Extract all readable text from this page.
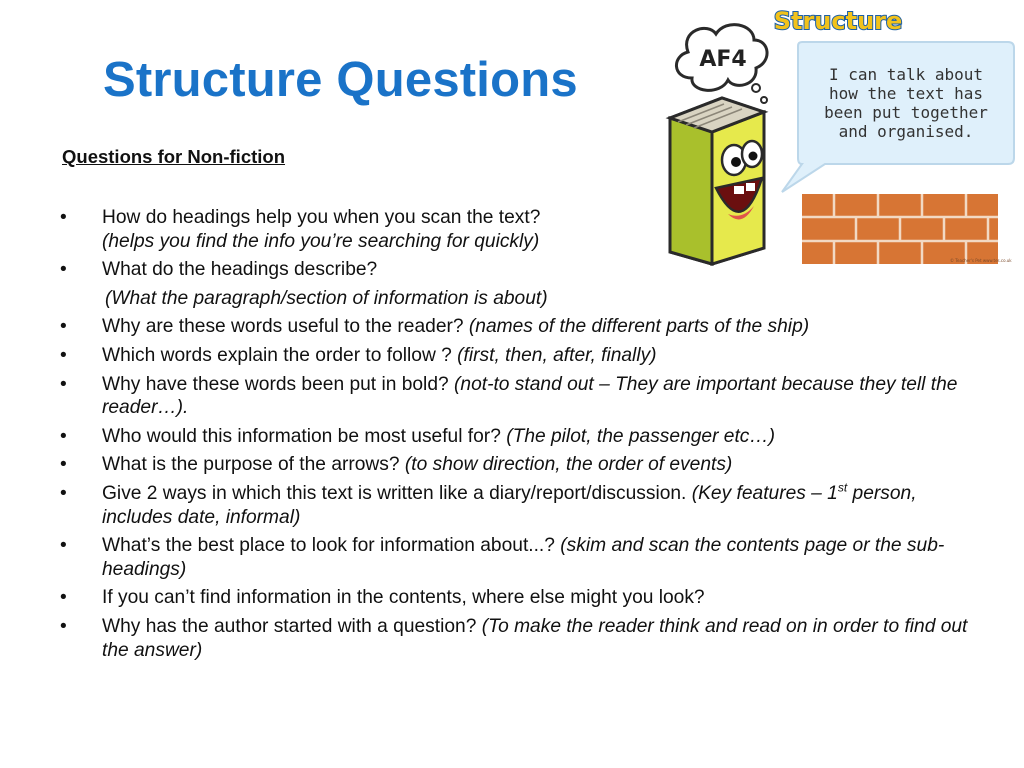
Structure Questions
Questions for Non-fiction
• How do headings help you when you scan the text?
(helps you find the info you’re searching for quickly)
• What do the headings describe?
(What the paragraph/section of information is about)
• Why are these words useful to the reader? (names of the different parts of the ship)
• Which words explain the order to follow ? (first, then, after, finally)
• Why have these words been put in bold? (not-to stand out – They are important because they tell the reader…).
• Who would this information be most useful for? (The pilot, the passenger etc…)
• What is the purpose of the arrows? (to show direction, the order of events)
• Give 2 ways in which this text is written like a diary/report/discussion. (Key features – 1st person, includes date, informal)
• What’s the best place to look for information about...? (skim and scan the contents page or the sub-headings)
• If you can’t find information in the contents, where else might you look?
• Why has the author started with a question? (To make the reader think and read on in order to find out the answer)
I can talk about
how the text has
been put together
and organised.
Structure
AF4
© Teacher's Pet www.tes.co.uk
